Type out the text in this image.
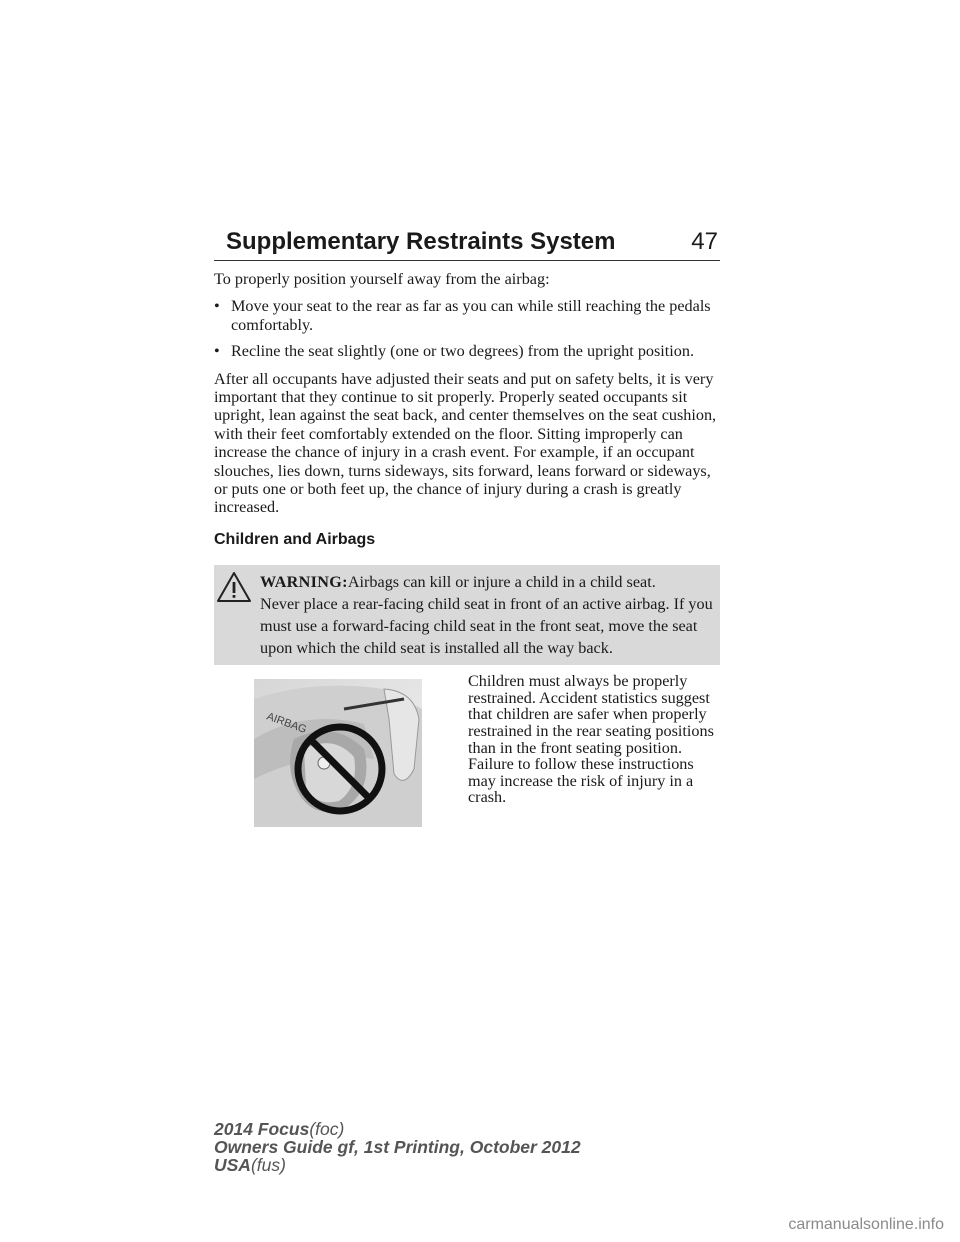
Supplementary Restraints System	47

To properly position yourself away from the airbag:

• Move your seat to the rear as far as you can while still reaching the pedals comfortably.
• Recline the seat slightly (one or two degrees) from the upright position.

After all occupants have adjusted their seats and put on safety belts, it is very important that they continue to sit properly. Properly seated occupants sit upright, lean against the seat back, and center themselves on the seat cushion, with their feet comfortably extended on the floor. Sitting improperly can increase the chance of injury in a crash event. For example, if an occupant slouches, lies down, turns sideways, sits forward, leans forward or sideways, or puts one or both feet up, the chance of injury during a crash is greatly increased.

Children and Airbags
WARNING:Airbags can kill or injure a child in a child seat.
Never place a rear-facing child seat in front of an active airbag. If you must use a forward-facing child seat in the front seat, move the seat upon which the child seat is installed all the way back.
AIRBAG
Children must always be properly restrained. Accident statistics suggest that children are safer when properly restrained in the rear seating positions than in the front seating position. Failure to follow these instructions may increase the risk of injury in a crash.
2014 Focus(foc)
Owners Guide gf, 1st Printing, October 2012
USA(fus)
carmanualsonline.info
